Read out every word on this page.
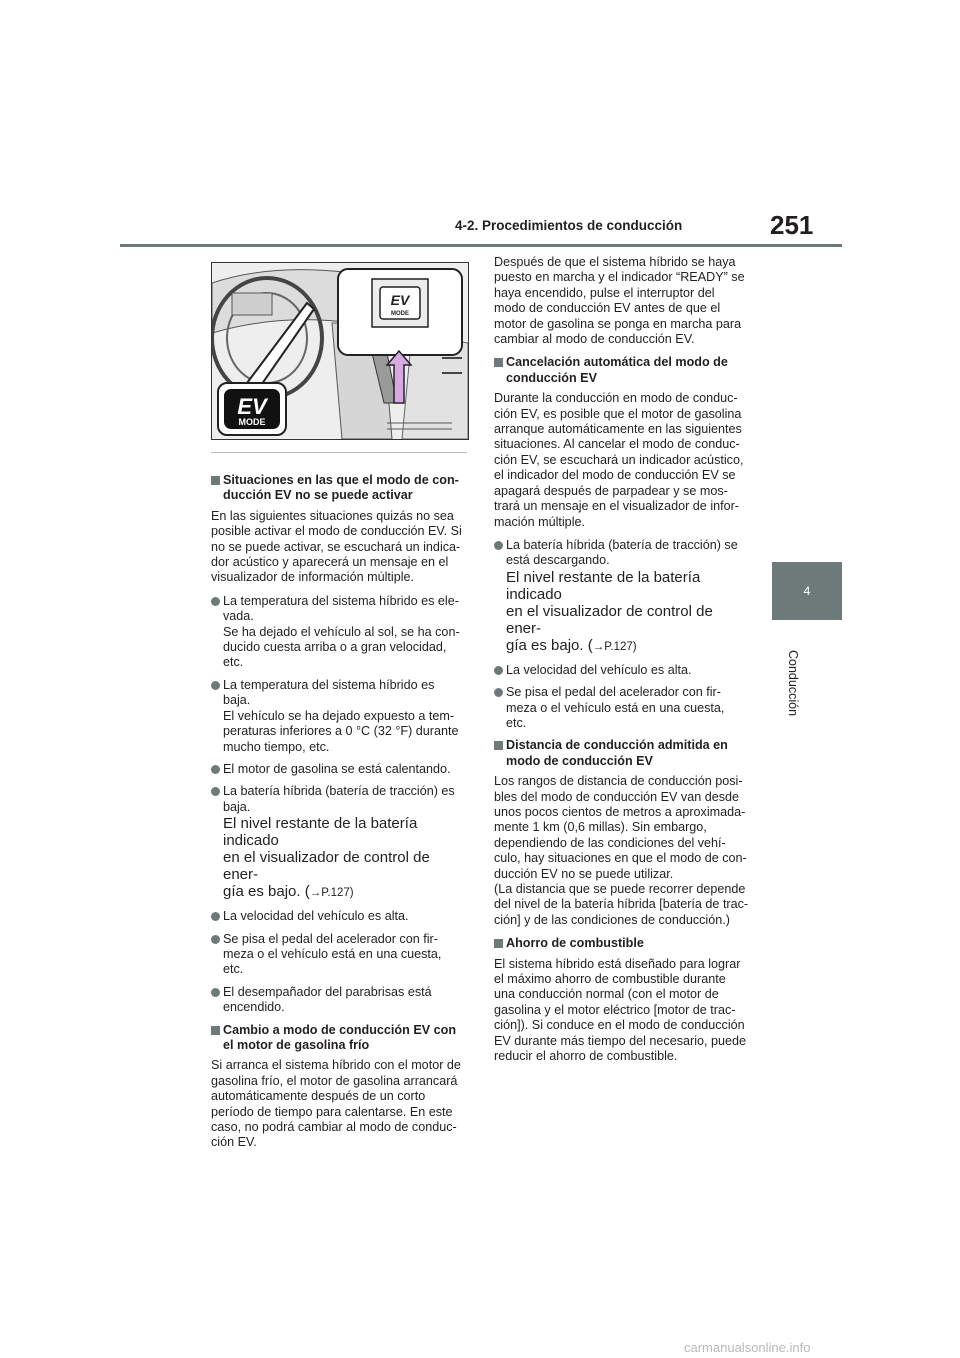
251
4-2. Procedimientos de conducción
4
Conducción
EV
MODE
EV
MODE
Situaciones en las que el modo de con-
ducción EV no se puede activar
En las siguientes situaciones quizás no sea
posible activar el modo de conducción EV. Si
no se puede activar, se escuchará un indica-
dor acústico y aparecerá un mensaje en el
visualizador de información múltiple.
La temperatura del sistema híbrido es ele-
vada.
Se ha dejado el vehículo al sol, se ha con-
ducido cuesta arriba o a gran velocidad,
etc.
La temperatura del sistema híbrido es
baja.
El vehículo se ha dejado expuesto a tem-
peraturas inferiores a 0 °C (32 °F) durante
mucho tiempo, etc.
El motor de gasolina se está calentando.
La batería híbrida (batería de tracción) es
baja.
El nivel restante de la batería indicado
en el visualizador de control de ener-
gía es bajo. (→P.127)
La velocidad del vehículo es alta.
Se pisa el pedal del acelerador con fir-
meza o el vehículo está en una cuesta,
etc.
El desempañador del parabrisas está
encendido.
Cambio a modo de conducción EV con
el motor de gasolina frío
Si arranca el sistema híbrido con el motor de
gasolina frío, el motor de gasolina arrancará
automáticamente después de un corto
período de tiempo para calentarse. En este
caso, no podrá cambiar al modo de conduc-
ción EV.
Después de que el sistema híbrido se haya
puesto en marcha y el indicador “READY” se
haya encendido, pulse el interruptor del
modo de conducción EV antes de que el
motor de gasolina se ponga en marcha para
cambiar al modo de conducción EV.
Cancelación automática del modo de
conducción EV
Durante la conducción en modo de conduc-
ción EV, es posible que el motor de gasolina
arranque automáticamente en las siguientes
situaciones. Al cancelar el modo de conduc-
ción EV, se escuchará un indicador acústico,
el indicador del modo de conducción EV se
apagará después de parpadear y se mos-
trará un mensaje en el visualizador de infor-
mación múltiple.
La batería híbrida (batería de tracción) se
está descargando.
El nivel restante de la batería indicado
en el visualizador de control de ener-
gía es bajo. (→P.127)
La velocidad del vehículo es alta.
Se pisa el pedal del acelerador con fir-
meza o el vehículo está en una cuesta,
etc.
Distancia de conducción admitida en
modo de conducción EV
Los rangos de distancia de conducción posi-
bles del modo de conducción EV van desde
unos pocos cientos de metros a aproximada-
mente 1 km (0,6 millas). Sin embargo,
dependiendo de las condiciones del vehí-
culo, hay situaciones en que el modo de con-
ducción EV no se puede utilizar.
(La distancia que se puede recorrer depende
del nivel de la batería híbrida [batería de trac-
ción] y de las condiciones de conducción.)
Ahorro de combustible
El sistema híbrido está diseñado para lograr
el máximo ahorro de combustible durante
una conducción normal (con el motor de
gasolina y el motor eléctrico [motor de trac-
ción]). Si conduce en el modo de conducción
EV durante más tiempo del necesario, puede
reducir el ahorro de combustible.
carmanualsonline.info
